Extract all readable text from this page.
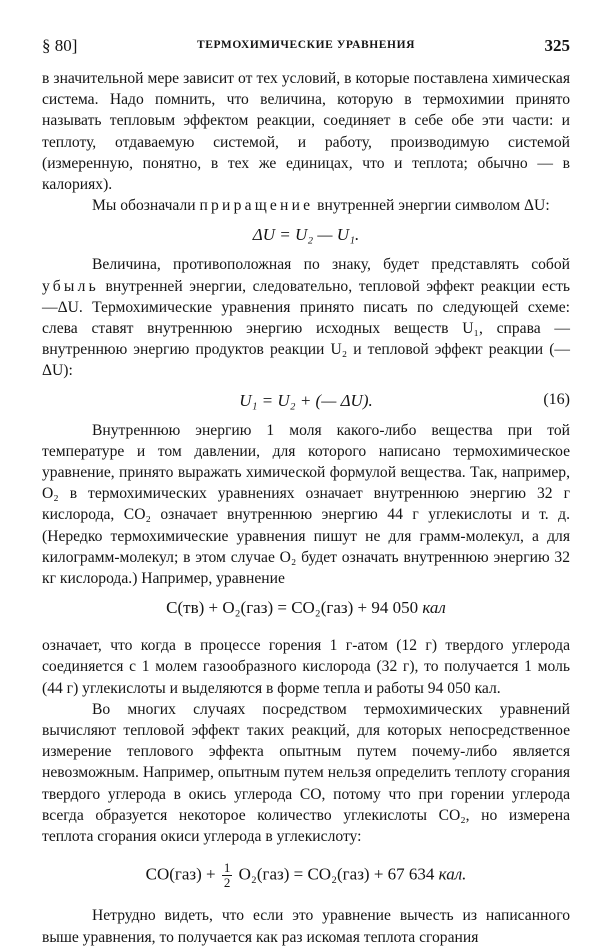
§ 80]	ТЕРМОХИМИЧЕСКИЕ УРАВНЕНИЯ	325

в значительной мере зависит от тех условий, в которые поставлена химическая система. Надо помнить, что величина, которую в термохимии принято называть тепловым эффектом реакции, соединяет в себе обе эти части: и теплоту, отдаваемую системой, и работу, производимую системой (измеренную, понятно, в тех же единицах, что и теплота; обычно — в калориях).

Мы обозначали приращение внутренней энергии символом ΔU:

ΔU = U₂ — U₁.

Величина, противоположная по знаку, будет представлять собой убыль внутренней энергии, следовательно, тепловой эффект реакции есть —ΔU. Термохимические уравнения принято писать по следующей схеме: слева ставят внутреннюю энергию исходных веществ U₁, справа — внутреннюю энергию продуктов реакции U₂ и тепловой эффект реакции (—ΔU):

U₁ = U₂ + (— ΔU).	(16)

Внутреннюю энергию 1 моля какого-либо вещества при той температуре и том давлении, для которого написано термохимическое уравнение, принято выражать химической формулой вещества. Так, например, O₂ в термохимических уравнениях означает внутреннюю энергию 32 г кислорода, CO₂ означает внутреннюю энергию 44 г углекислоты и т. д. (Нередко термохимические уравнения пишут не для грамм-молекул, а для килограмм-молекул; в этом случае O₂ будет означать внутреннюю энергию 32 кг кислорода.) Например, уравнение

C(тв) + O₂(газ) = CO₂(газ) + 94 050 кал

означает, что когда в процессе горения 1 г-атом (12 г) твердого углерода соединяется с 1 молем газообразного кислорода (32 г), то получается 1 моль (44 г) углекислоты и выделяются в форме тепла и работы 94 050 кал.

Во многих случаях посредством термохимических уравнений вычисляют тепловой эффект таких реакций, для которых непосредственное измерение теплового эффекта опытным путем почему-либо является невозможным. Например, опытным путем нельзя определить теплоту сгорания твердого углерода в окись углерода CO, потому что при горении углерода всегда образуется некоторое количество углекислоты CO₂, но измерена теплота сгорания окиси углерода в углекислоту:

$CO(газ) + \frac{1}{2} O_2(газ) = CO_2(газ) + 67$ 634 кал.

Нетрудно видеть, что если это уравнение вычесть из написанного выше уравнения, то получается как раз искомая теплота сгорания
